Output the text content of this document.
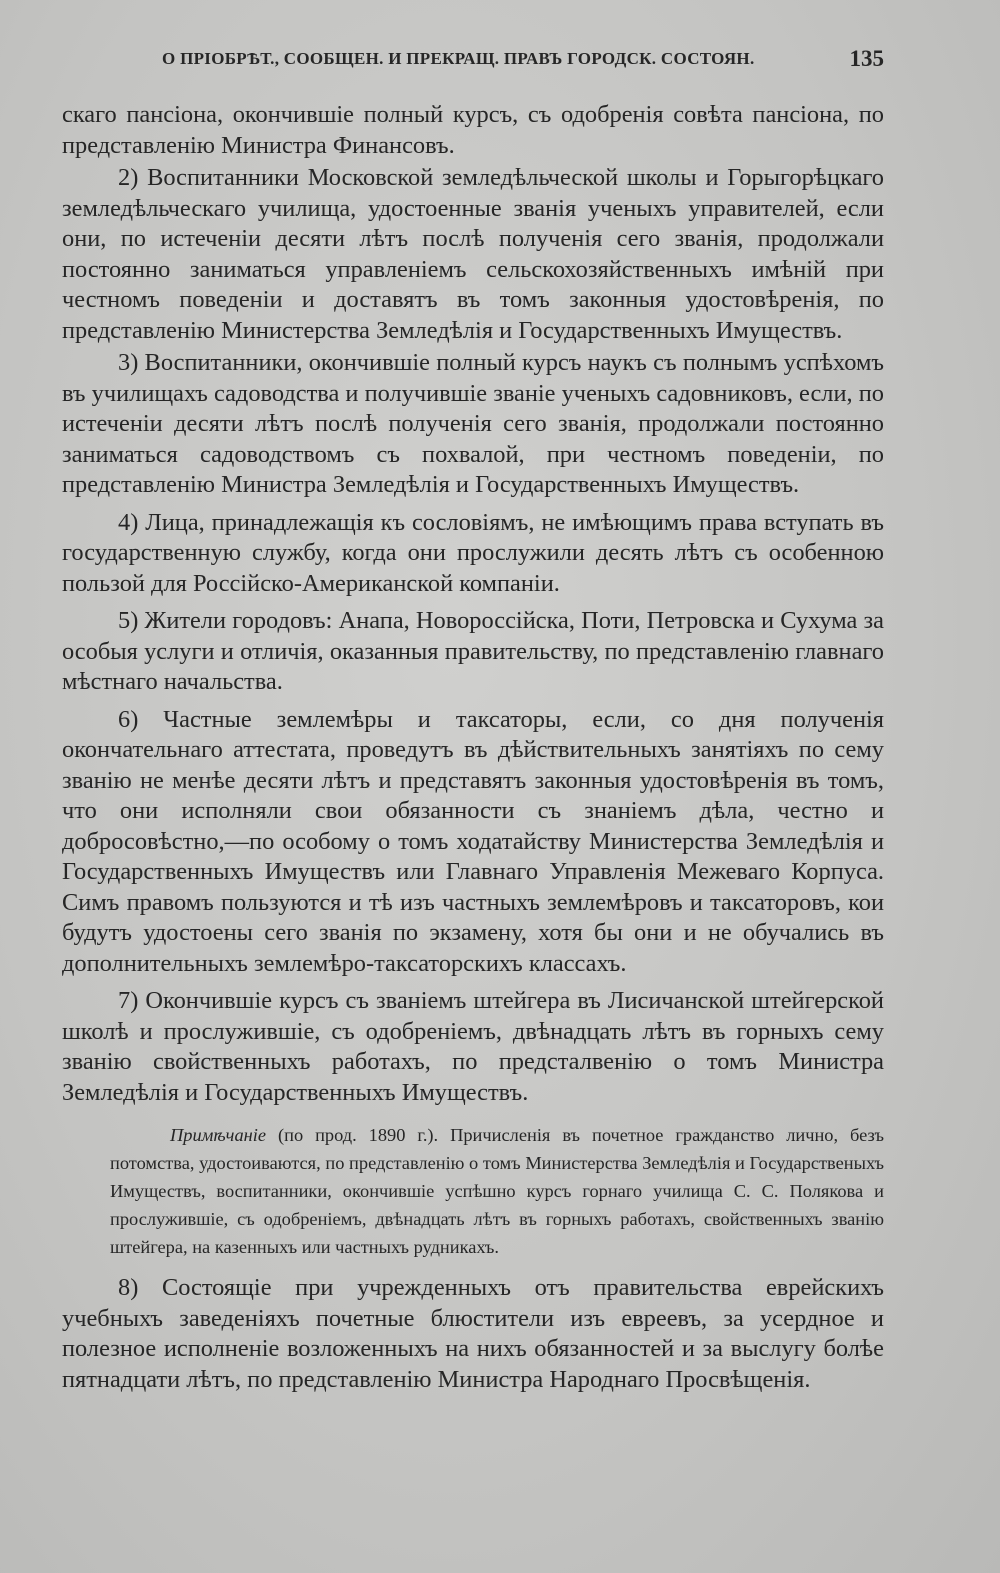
О ПРІОБРѢТ., СООБЩЕН. И ПРЕКРАЩ. ПРАВЪ ГОРОДСК. СОСТОЯН.	135

скаго пансіона, окончившіе полный курсъ, съ одобренія совѣта пансіона, по представленію Министра Финансовъ.

2) Воспитанники Московской земледѣльческой школы и Горыгорѣцкаго земледѣльческаго училища, удостоенные званія ученыхъ управителей, если они, по истеченіи десяти лѣтъ послѣ полученія сего званія, продолжали постоянно заниматься управленіемъ сельскохозяйственныхъ имѣній при честномъ поведеніи и доставятъ въ томъ законныя удостовѣренія, по представленію Министерства Земледѣлія и Государственныхъ Имуществъ.

3) Воспитанники, окончившіе полный курсъ наукъ съ полнымъ успѣхомъ въ училищахъ садоводства и получившіе званіе ученыхъ садовниковъ, если, по истеченіи десяти лѣтъ послѣ полученія сего званія, продолжали постоянно заниматься садоводствомъ съ похвалой, при честномъ поведеніи, по представленію Министра Земледѣлія и Государственныхъ Имуществъ.

4) Лица, принадлежащія къ сословіямъ, не имѣющимъ права вступать въ государственную службу, когда они прослужили десять лѣтъ съ особенною пользой для Россійско-Американской компаніи.

5) Жители городовъ: Анапа, Новороссійска, Поти, Петровска и Сухума за особыя услуги и отличія, оказанныя правительству, по представленію главнаго мѣстнаго начальства.

6) Частные землемѣры и таксаторы, если, со дня полученія окончательнаго аттестата, проведутъ въ дѣйствительныхъ занятіяхъ по сему званію не менѣе десяти лѣтъ и представятъ законныя удостовѣренія въ томъ, что они исполняли свои обязанности съ знаніемъ дѣла, честно и добросовѣстно,—по особому о томъ ходатайству Министерства Земледѣлія и Государственныхъ Имуществъ или Главнаго Управленія Межеваго Корпуса. Симъ правомъ пользуются и тѣ изъ частныхъ землемѣровъ и таксаторовъ, кои будутъ удостоены сего званія по экзамену, хотя бы они и не обучались въ дополнительныхъ землемѣро-таксаторскихъ классахъ.

7) Окончившіе курсъ съ званіемъ штейгера въ Лисичанской штейгерской школѣ и прослужившіе, съ одобреніемъ, двѣнадцать лѣтъ въ горныхъ сему званію свойственныхъ работахъ, по предсталвенію о томъ Министра Земледѣлія и Государственныхъ Имуществъ.

Примѣчаніе (по прод. 1890 г.). Причисленія въ почетное гражданство лично, безъ потомства, удостоиваются, по представленію о томъ Министерства Земледѣлія и Государственыхъ Имуществъ, воспитанники, окончившіе успѣшно курсъ горнаго училища С. С. Полякова и прослужившіе, съ одобреніемъ, двѣнадцать лѣтъ въ горныхъ работахъ, свойственныхъ званію штейгера, на казенныхъ или частныхъ рудникахъ.

8) Состоящіе при учрежденныхъ отъ правительства еврейскихъ учебныхъ заведеніяхъ почетные блюстители изъ евреевъ, за усердное и полезное исполненіе возложенныхъ на нихъ обязанностей и за выслугу болѣе пятнадцати лѣтъ, по представленію Министра Народнаго Просвѣщенія.
